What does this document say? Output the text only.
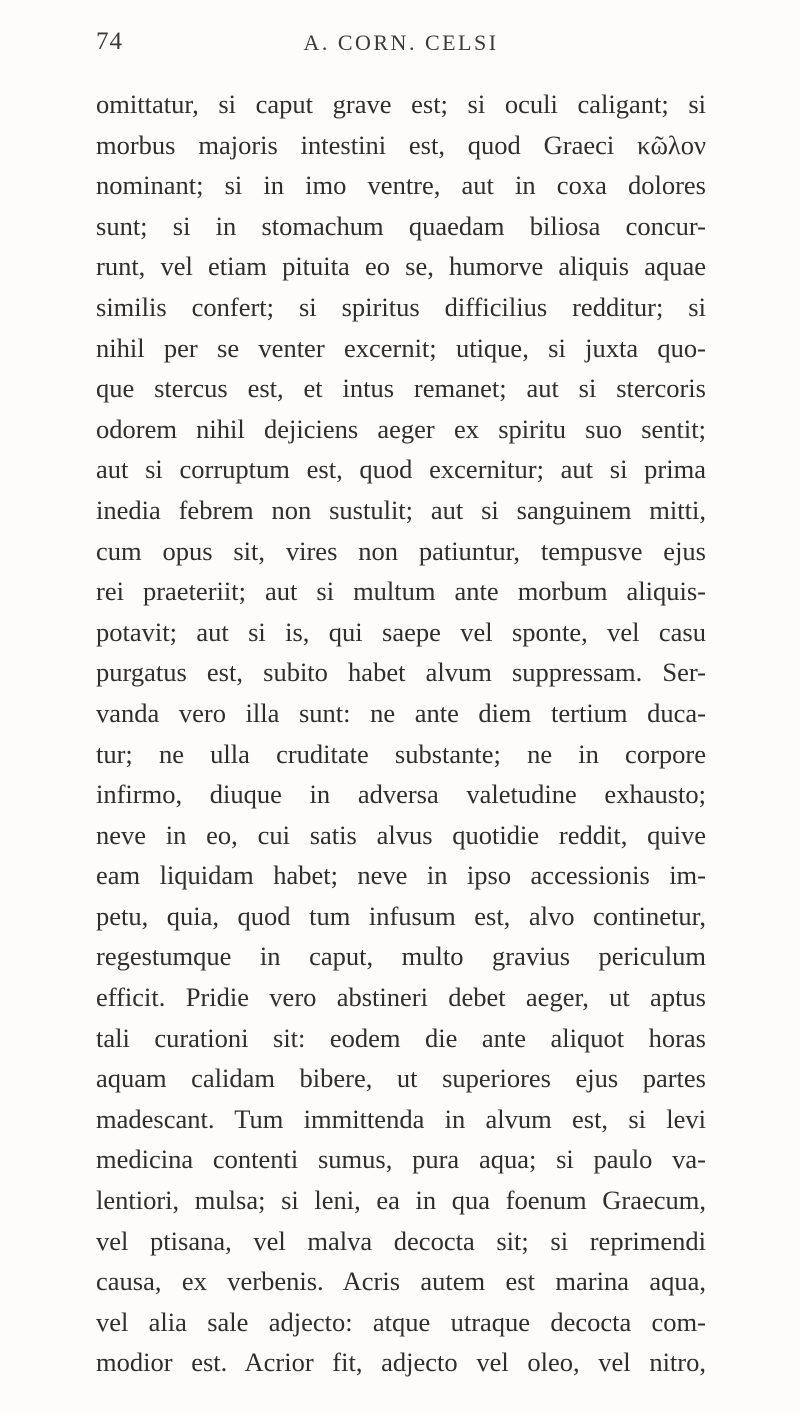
74	A. CORN. CELSI
omittatur, si caput grave est; si oculi caligant; si
morbus majoris intestini est, quod Graeci κῶλον
nominant; si in imo ventre, aut in coxa dolores
sunt; si in stomachum quaedam biliosa concur-
runt, vel etiam pituita eo se, humorve aliquis aquae
similis confert; si spiritus difficilius redditur; si
nihil per se venter excernit; utique, si juxta quo-
que stercus est, et intus remanet; aut si stercoris
odorem nihil dejiciens aeger ex spiritu suo sentit;
aut si corruptum est, quod excernitur; aut si prima
inedia febrem non sustulit; aut si sanguinem mitti,
cum opus sit, vires non patiuntur, tempusve ejus
rei praeteriit; aut si multum ante morbum aliquis-
potavit; aut si is, qui saepe vel sponte, vel casu
purgatus est, subito habet alvum suppressam. Ser-
vanda vero illa sunt: ne ante diem tertium duca-
tur; ne ulla cruditate substante; ne in corpore
infirmo, diuque in adversa valetudine exhausto;
neve in eo, cui satis alvus quotidie reddit, quive
eam liquidam habet; neve in ipso accessionis im-
petu, quia, quod tum infusum est, alvo continetur,
regestumque in caput, multo gravius periculum
efficit. Pridie vero abstineri debet aeger, ut aptus
tali curationi sit: eodem die ante aliquot horas
aquam calidam bibere, ut superiores ejus partes
madescant. Tum immittenda in alvum est, si levi
medicina contenti sumus, pura aqua; si paulo va-
lentiori, mulsa; si leni, ea in qua foenum Graecum,
vel ptisana, vel malva decocta sit; si reprimendi
causa, ex verbenis. Acris autem est marina aqua,
vel alia sale adjecto: atque utraque decocta com-
modior est. Acrior fit, adjecto vel oleo, vel nitro,
